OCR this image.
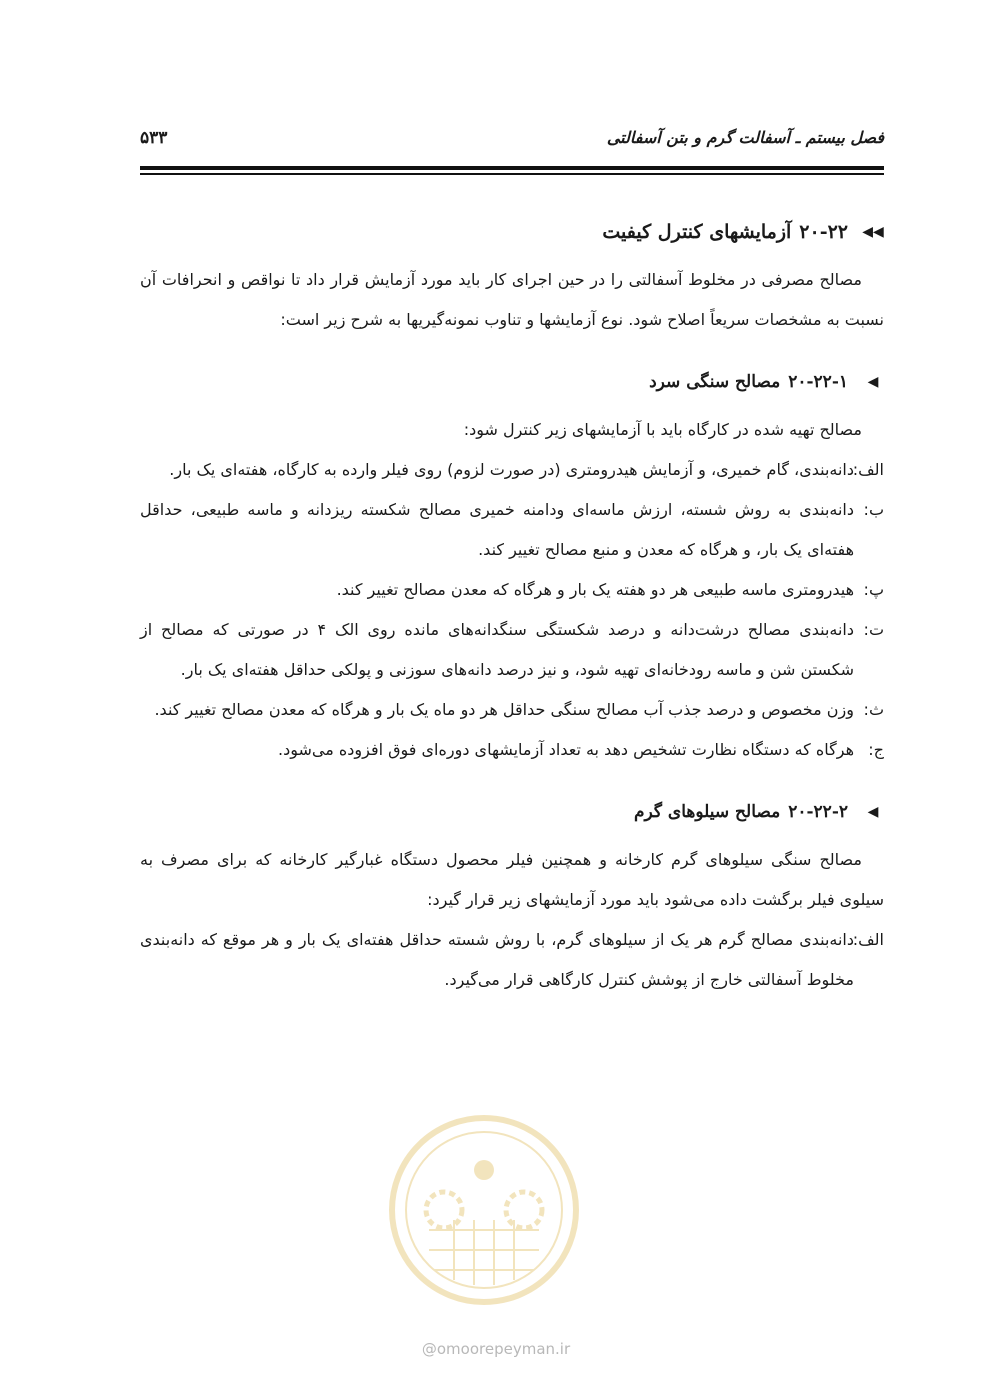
فصل بیستم ـ آسفالت گرم و بتن آسفالتی
۵۳۳
◀◀
۲۰-۲۲
آزمایشهای کنترل کیفیت

مصالح مصرفی در مخلوط آسفالتی را در حین اجرای کار باید مورد آزمایش قرار داد تا نواقص و انحرافات آن نسبت به مشخصات سریعاً اصلاح شود. نوع آزمایشها و تناوب نمونه‌گیریها به شرح زیر است:

◀
۲۰-۲۲-۱
مصالح سنگی سرد

مصالح تهیه شده در کارگاه باید با آزمایشهای زیر کنترل شود:

الف:
دانه‌بندی، گام خمیری، و آزمایش هیدرومتری (در صورت لزوم) روی فیلر وارده به کارگاه، هفته‌ای یک بار.
ب:
دانه‌بندی به روش شسته، ارزش ماسه‌ای ودامنه خمیری مصالح شکسته ریزدانه و ماسه طبیعی، حداقل هفته‌ای یک بار، و هرگاه که معدن و منبع مصالح تغییر کند.
پ:
هیدرومتری ماسه طبیعی هر دو هفته یک بار و هرگاه که معدن مصالح تغییر کند.
ت:
دانه‌بندی مصالح درشت‌دانه و درصد شکستگی سنگدانه‌های مانده روی الک ۴ در صورتی که مصالح از شکستن شن و ماسه رودخانه‌ای تهیه شود، و نیز درصد دانه‌های سوزنی و پولکی حداقل هفته‌ای یک بار.
ث:
وزن مخصوص و درصد جذب آب مصالح سنگی حداقل هر دو ماه یک بار و هرگاه که معدن مصالح تغییر کند.
ج:
هرگاه که دستگاه نظارت تشخیص دهد به تعداد آزمایشهای دوره‌ای فوق افزوده می‌شود.
◀
۲۰-۲۲-۲
مصالح سیلوهای گرم

مصالح سنگی سیلوهای گرم کارخانه و همچنین فیلر محصول دستگاه غبارگیر کارخانه که برای مصرف به سیلوی فیلر برگشت داده می‌شود باید مورد آزمایشهای زیر قرار گیرد:

الف:
دانه‌بندی مصالح گرم هر یک از سیلوهای گرم، با روش شسته حداقل هفته‌ای یک بار و هر موقع که دانه‌بندی مخلوط آسفالتی خارج از پوشش کنترل کارگاهی قرار می‌گیرد.
@omoorepeyman.ir
